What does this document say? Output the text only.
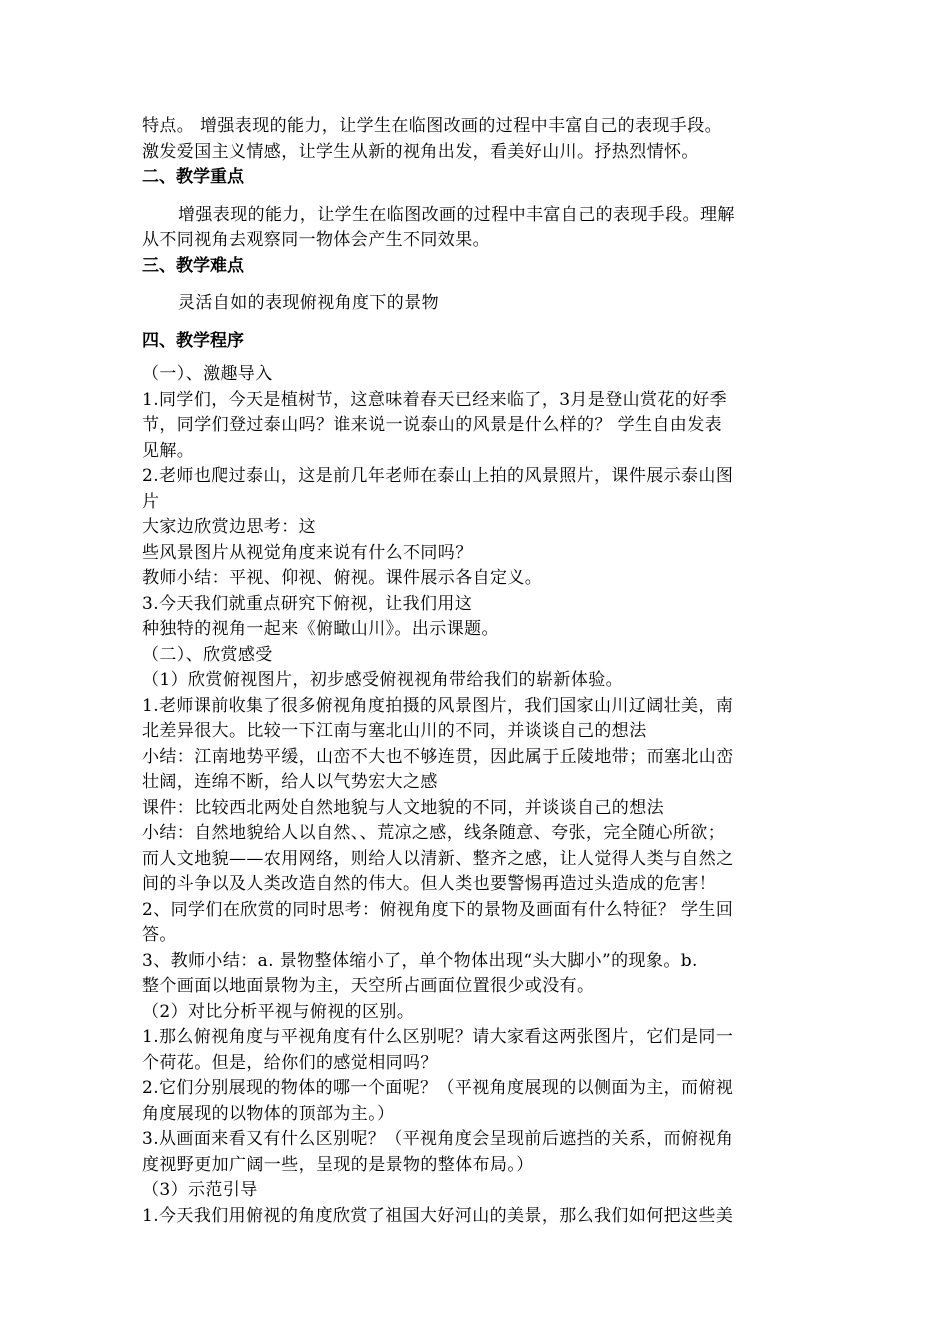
特点。 增强表现的能力，让学生在临图改画的过程中丰富自己的表现手段。
激发爱国主义情感，让学生从新的视角出发，看美好山川。抒热烈情怀。
二、教学重点
增强表现的能力，让学生在临图改画的过程中丰富自己的表现手段。理解
从不同视角去观察同一物体会产生不同效果。
三、教学难点
灵活自如的表现俯视角度下的景物
四、教学程序
（一）、激趣导入
1.同学们，今天是植树节，这意味着春天已经来临了，3月是登山赏花的好季
节，同学们登过泰山吗？谁来说一说泰山的风景是什么样的？ 学生自由发表
见解。
2.老师也爬过泰山，这是前几年老师在泰山上拍的风景照片，课件展示泰山图
片
大家边欣赏边思考：这
些风景图片从视觉角度来说有什么不同吗？
教师小结：平视、仰视、俯视。课件展示各自定义。
3.今天我们就重点研究下俯视，让我们用这
种独特的视角一起来《俯瞰山川》。出示课题。
（二）、欣赏感受
（1）欣赏俯视图片，初步感受俯视视角带给我们的崭新体验。
1.老师课前收集了很多俯视角度拍摄的风景图片，我们国家山川辽阔壮美，南
北差异很大。比较一下江南与塞北山川的不同，并谈谈自己的想法
小结：江南地势平缓，山峦不大也不够连贯，因此属于丘陵地带；而塞北山峦
壮阔，连绵不断，给人以气势宏大之感
课件：比较西北两处自然地貌与人文地貌的不同，并谈谈自己的想法
小结：自然地貌给人以自然、、荒凉之感，线条随意、夸张，完全随心所欲；
而人文地貌——农用网络，则给人以清新、整齐之感，让人觉得人类与自然之
间的斗争以及人类改造自然的伟大。但人类也要警惕再造过头造成的危害！
2、同学们在欣赏的同时思考：俯视角度下的景物及画面有什么特征？ 学生回
答。
3、教师小结：a. 景物整体缩小了，单个物体出现“头大脚小”的现象。b.
整个画面以地面景物为主，天空所占画面位置很少或没有。
（2）对比分析平视与俯视的区别。
1.那么俯视角度与平视角度有什么区别呢？请大家看这两张图片，它们是同一
个荷花。但是，给你们的感觉相同吗？
2.它们分别展现的物体的哪一个面呢？（平视角度展现的以侧面为主，而俯视
角度展现的以物体的顶部为主。）
3.从画面来看又有什么区别呢？（平视角度会呈现前后遮挡的关系，而俯视角
度视野更加广阔一些，呈现的是景物的整体布局。）
（3）示范引导
1.今天我们用俯视的角度欣赏了祖国大好河山的美景，那么我们如何把这些美
